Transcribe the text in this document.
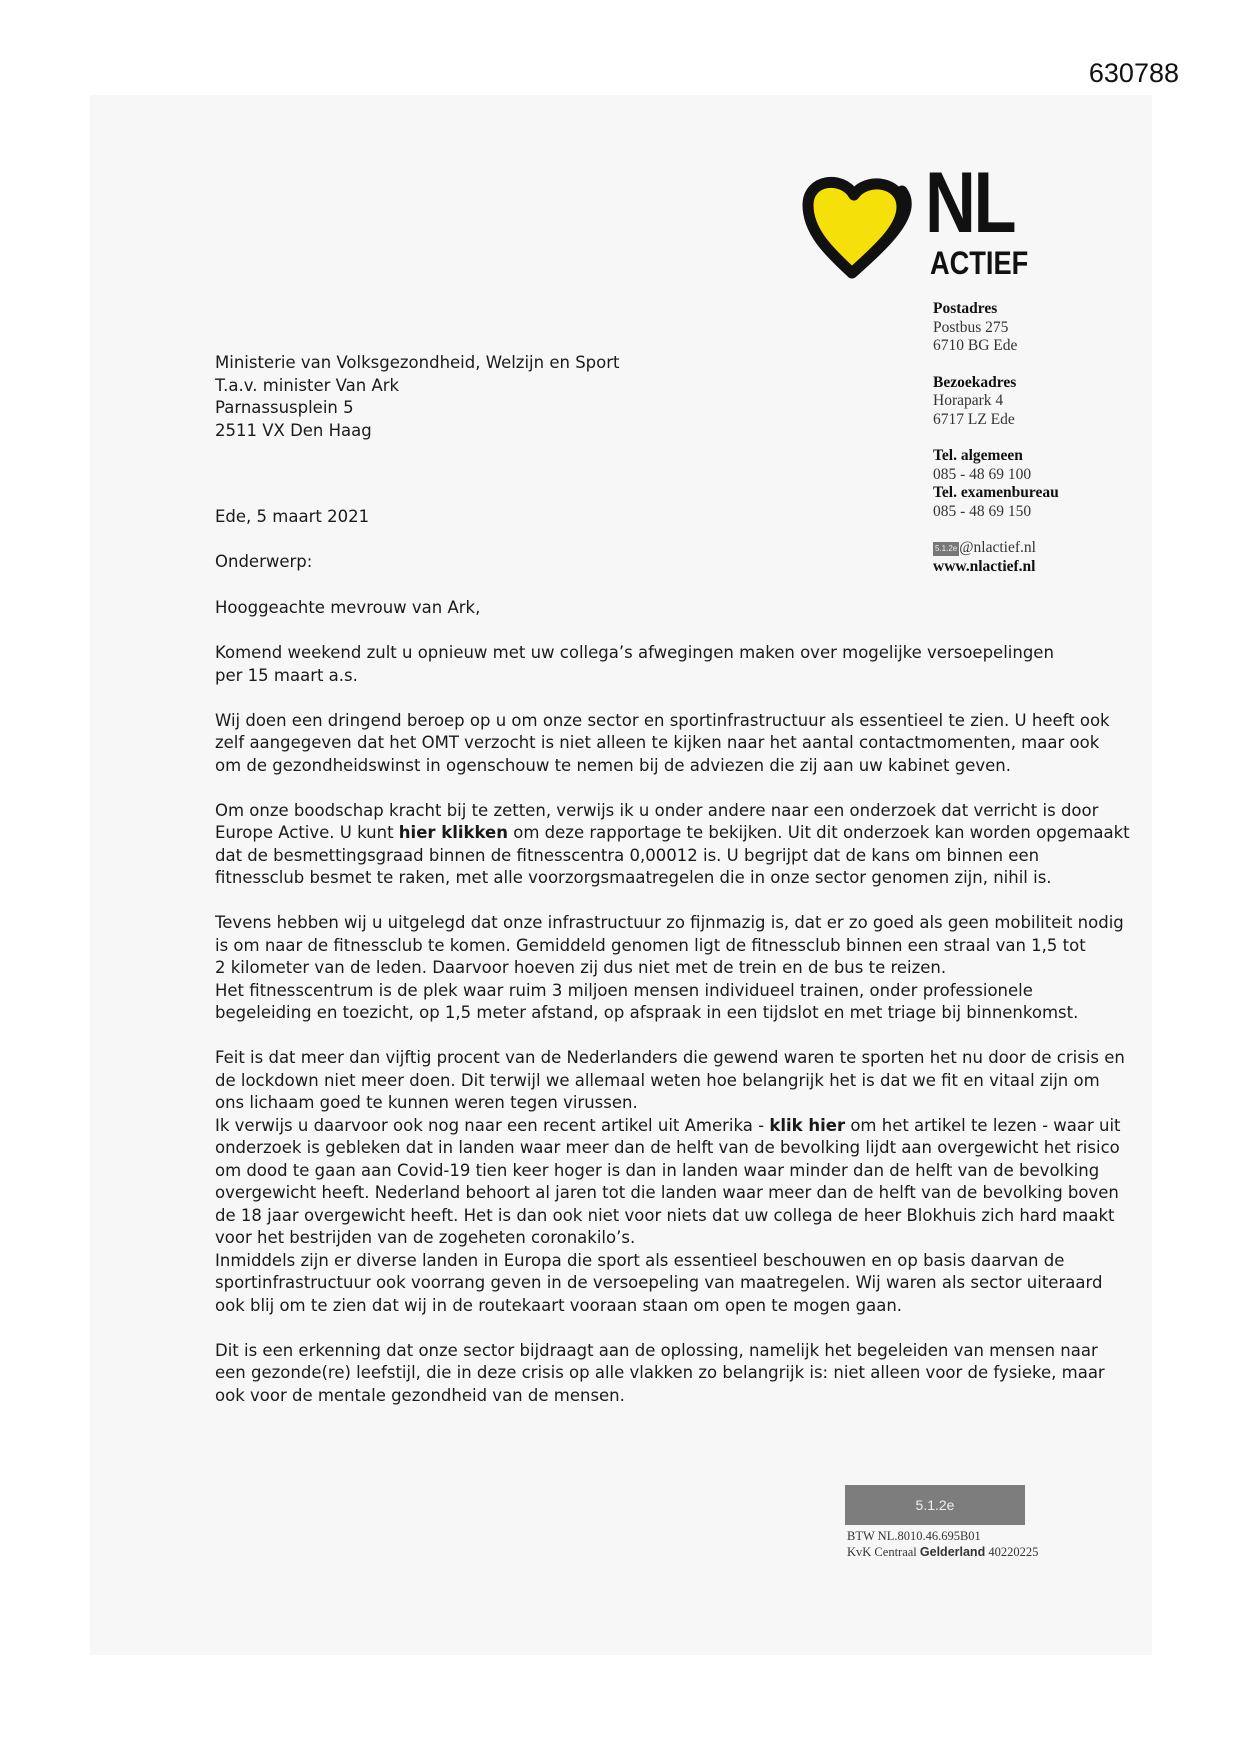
630788
NL
ACTIEF
Postadres
Postbus 275
6710 BG Ede
Bezoekadres
Horapark 4
6717 LZ Ede
Tel. algemeen
085 - 48 69 100
Tel. examenbureau
085 - 48 69 150
5.1.2e @nlactief.nl
www.nlactief.nl
Ministerie van Volksgezondheid, Welzijn en Sport
T.a.v. minister Van Ark
Parnassusplein 5
2511 VX Den Haag
Ede, 5 maart 2021
Onderwerp:

Hooggeachte mevrouw van Ark,

Komend weekend zult u opnieuw met uw collega’s afwegingen maken over mogelijke versoepelingen
per 15 maart a.s.

Wij doen een dringend beroep op u om onze sector en sportinfrastructuur als essentieel te zien. U heeft ook
zelf aangegeven dat het OMT verzocht is niet alleen te kijken naar het aantal contactmomenten, maar ook
om de gezondheidswinst in ogenschouw te nemen bij de adviezen die zij aan uw kabinet geven.

Om onze boodschap kracht bij te zetten, verwijs ik u onder andere naar een onderzoek dat verricht is door
Europe Active. U kunt hier klikken om deze rapportage te bekijken. Uit dit onderzoek kan worden opgemaakt
dat de besmettingsgraad binnen de fitnesscentra 0,00012 is. U begrijpt dat de kans om binnen een
fitnessclub besmet te raken, met alle voorzorgsmaatregelen die in onze sector genomen zijn, nihil is.

Tevens hebben wij u uitgelegd dat onze infrastructuur zo fijnmazig is, dat er zo goed als geen mobiliteit nodig
is om naar de fitnessclub te komen. Gemiddeld genomen ligt de fitnessclub binnen een straal van 1,5 tot
2 kilometer van de leden. Daarvoor hoeven zij dus niet met de trein en de bus te reizen.
Het fitnesscentrum is de plek waar ruim 3 miljoen mensen individueel trainen, onder professionele
begeleiding en toezicht, op 1,5 meter afstand, op afspraak in een tijdslot en met triage bij binnenkomst.

Feit is dat meer dan vijftig procent van de Nederlanders die gewend waren te sporten het nu door de crisis en
de lockdown niet meer doen. Dit terwijl we allemaal weten hoe belangrijk het is dat we fit en vitaal zijn om
ons lichaam goed te kunnen weren tegen virussen.
Ik verwijs u daarvoor ook nog naar een recent artikel uit Amerika - klik hier om het artikel te lezen - waar uit
onderzoek is gebleken dat in landen waar meer dan de helft van de bevolking lijdt aan overgewicht het risico
om dood te gaan aan Covid-19 tien keer hoger is dan in landen waar minder dan de helft van de bevolking
overgewicht heeft. Nederland behoort al jaren tot die landen waar meer dan de helft van de bevolking boven
de 18 jaar overgewicht heeft. Het is dan ook niet voor niets dat uw collega de heer Blokhuis zich hard maakt
voor het bestrijden van de zogeheten coronakilo’s.
Inmiddels zijn er diverse landen in Europa die sport als essentieel beschouwen en op basis daarvan de
sportinfrastructuur ook voorrang geven in de versoepeling van maatregelen. Wij waren als sector uiteraard
ook blij om te zien dat wij in de routekaart vooraan staan om open te mogen gaan.

Dit is een erkenning dat onze sector bijdraagt aan de oplossing, namelijk het begeleiden van mensen naar
een gezonde(re) leefstijl, die in deze crisis op alle vlakken zo belangrijk is: niet alleen voor de fysieke, maar
ook voor de mentale gezondheid van de mensen.

5.1.2e
BTW NL.8010.46.695B01
KvK Centraal Gelderland 40220225
